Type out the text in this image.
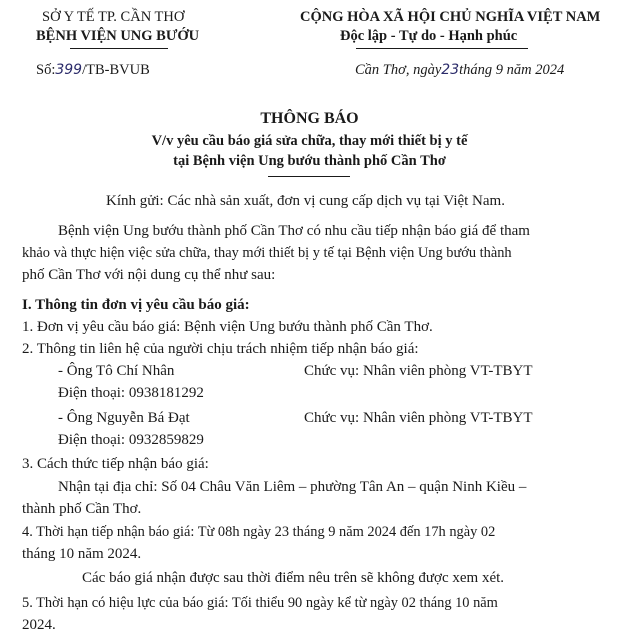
SỞ Y TẾ TP. CẦN THƠ
BỆNH VIỆN UNG BƯỚU
CỘNG HÒA XÃ HỘI CHỦ NGHĨA VIỆT NAM
Độc lập - Tự do - Hạnh phúc
Số:399/TB-BVUB	Cần Thơ, ngày23tháng 9 năm 2024
THÔNG BÁO
V/v yêu cầu báo giá sửa chữa, thay mới thiết bị y tế
tại Bệnh viện Ung bướu thành phố Cần Thơ
Kính gửi: Các nhà sản xuất, đơn vị cung cấp dịch vụ tại Việt Nam.
Bệnh viện Ung bướu thành phố Cần Thơ có nhu cầu tiếp nhận báo giá để tham
khảo và thực hiện việc sửa chữa, thay mới thiết bị y tế tại Bệnh viện Ung bướu thành
phố Cần Thơ với nội dung cụ thể như sau:
I. Thông tin đơn vị yêu cầu báo giá:
1. Đơn vị yêu cầu báo giá: Bệnh viện Ung bướu thành phố Cần Thơ.
2. Thông tin liên hệ của người chịu trách nhiệm tiếp nhận báo giá:
- Ông Tô Chí Nhân	Chức vụ: Nhân viên phòng VT-TBYT
Điện thoại: 0938181292
- Ông Nguyễn Bá Đạt	Chức vụ: Nhân viên phòng VT-TBYT
Điện thoại: 0932859829
3. Cách thức tiếp nhận báo giá:
Nhận tại địa chỉ: Số 04 Châu Văn Liêm – phường Tân An – quận Ninh Kiều –
thành phố Cần Thơ.
4. Thời hạn tiếp nhận báo giá: Từ 08h ngày 23 tháng 9 năm 2024 đến 17h ngày 02
tháng 10 năm 2024.
Các báo giá nhận được sau thời điểm nêu trên sẽ không được xem xét.
5. Thời hạn có hiệu lực của báo giá: Tối thiểu 90 ngày kể từ ngày 02 tháng 10 năm
2024.
